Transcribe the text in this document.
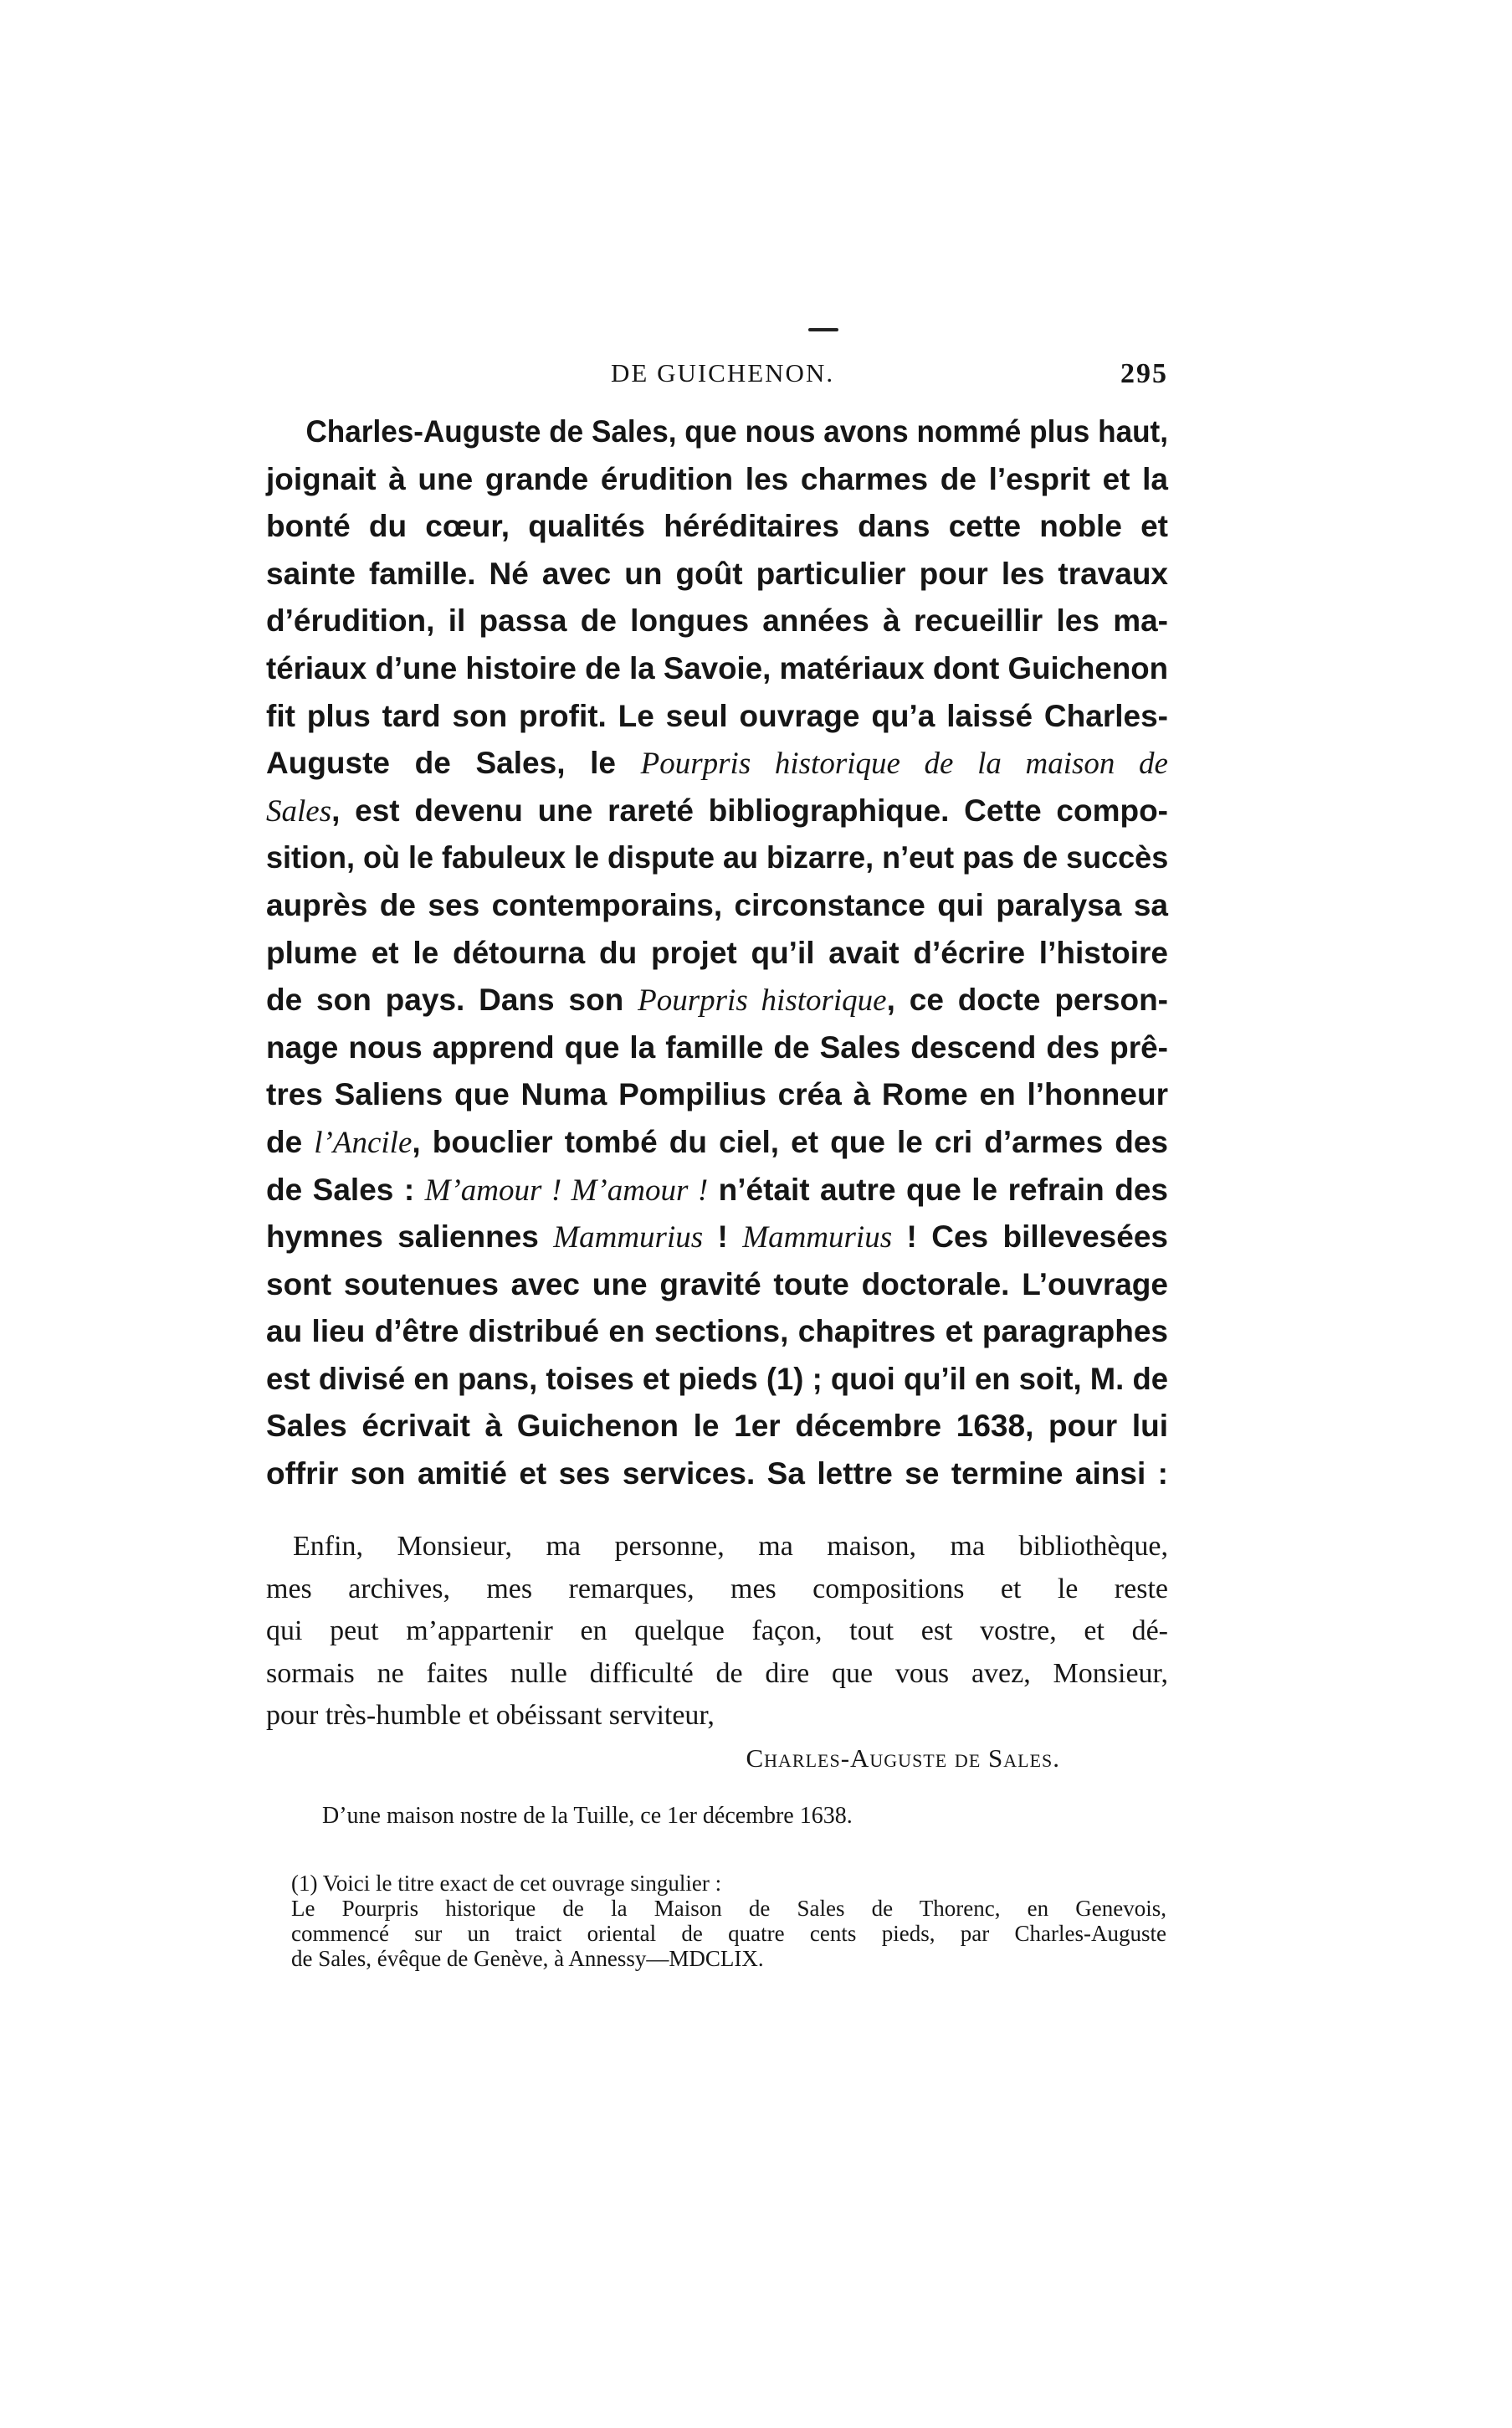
DE GUICHENON.	295
Charles-Auguste de Sales, que nous avons nommé plus haut,
joignait à une grande érudition les charmes de l’esprit et la
bonté du cœur, qualités héréditaires dans cette noble et
sainte famille. Né avec un goût particulier pour les travaux
d’érudition, il passa de longues années à recueillir les ma-
tériaux d’une histoire de la Savoie, matériaux dont Guichenon
fit plus tard son profit. Le seul ouvrage qu’a laissé Charles-
Auguste de Sales, le Pourpris historique de la maison de
Sales, est devenu une rareté bibliographique. Cette compo-
sition, où le fabuleux le dispute au bizarre, n’eut pas de succès
auprès de ses contemporains, circonstance qui paralysa sa
plume et le détourna du projet qu’il avait d’écrire l’histoire
de son pays. Dans son Pourpris historique, ce docte person-
nage nous apprend que la famille de Sales descend des prê-
tres Saliens que Numa Pompilius créa à Rome en l’honneur
de l’Ancile, bouclier tombé du ciel, et que le cri d’armes des
de Sales : M’amour ! M’amour ! n’était autre que le refrain des
hymnes saliennes Mammurius ! Mammurius ! Ces billevesées
sont soutenues avec une gravité toute doctorale. L’ouvrage
au lieu d’être distribué en sections, chapitres et paragraphes
est divisé en pans, toises et pieds (1) ; quoi qu’il en soit, M. de
Sales écrivait à Guichenon le 1er décembre 1638, pour lui
offrir son amitié et ses services. Sa lettre se termine ainsi :
Enfin, Monsieur, ma personne, ma maison, ma bibliothèque,
mes archives, mes remarques, mes compositions et le reste
qui peut m’appartenir en quelque façon, tout est vostre, et dé-
sormais ne faites nulle difficulté de dire que vous avez, Monsieur,
pour très-humble et obéissant serviteur,
Charles-Auguste de Sales.
D’une maison nostre de la Tuille, ce 1er décembre 1638.
(1) Voici le titre exact de cet ouvrage singulier :
Le Pourpris historique de la Maison de Sales de Thorenc, en Genevois,
commencé sur un traict oriental de quatre cents pieds, par Charles-Auguste
de Sales, évêque de Genève, à Annessy—MDCLIX.
